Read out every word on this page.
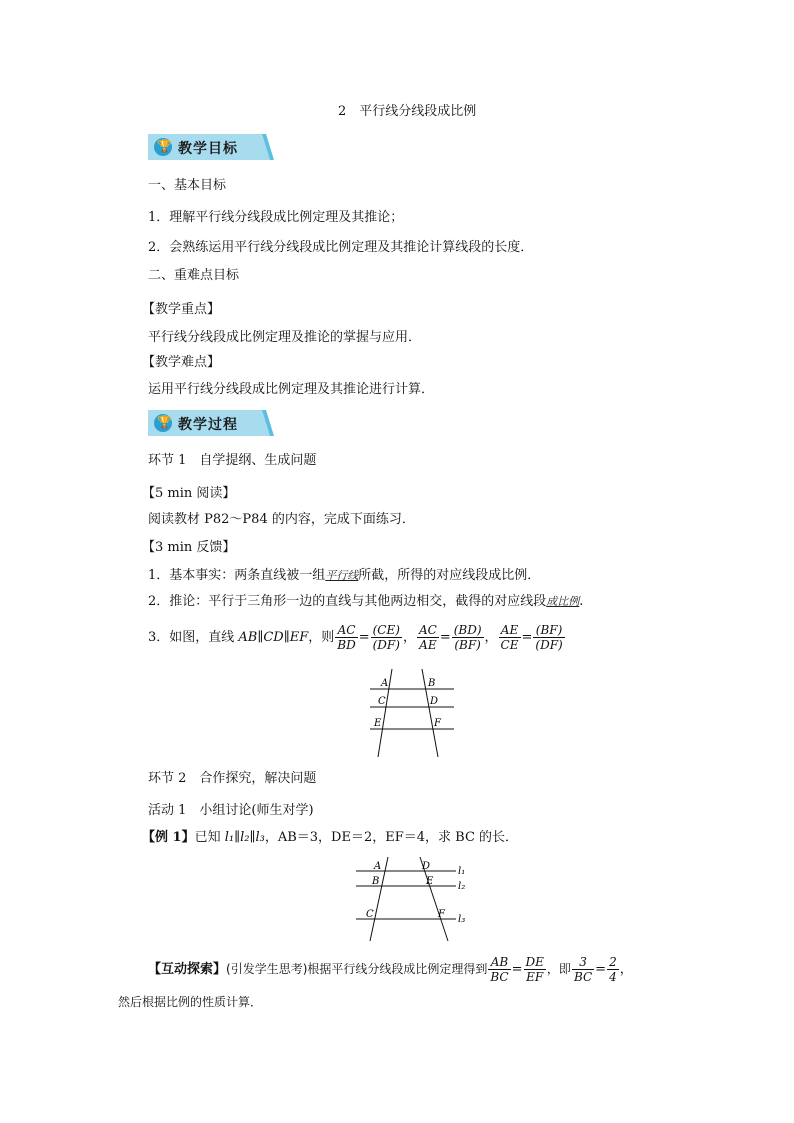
2　平行线分线段成比例
🏆 教学目标
一、基本目标
1．理解平行线分线段成比例定理及其推论；
2．会熟练运用平行线分线段成比例定理及其推论计算线段的长度．
二、重难点目标
【教学重点】
平行线分线段成比例定理及推论的掌握与应用．
【教学难点】
运用平行线分线段成比例定理及其推论进行计算．
🏆 教学过程
环节 1　自学提纲、生成问题
【5 min 阅读】
阅读教材 P82～P84 的内容，完成下面练习．
【3 min 反馈】
1．基本事实：两条直线被一组平行线所截，所得的对应线段成比例．
2．推论：平行于三角形一边的直线与其他两边相交，截得的对应线段成比例.
3．如图，直线 AB∥CD∥EF，则 $\frac{AC}{BD} = \frac{(CE)}{(DF)}$ ， $\frac{AC}{AE} = \frac{(BD)}{(BF)}$ ， $\frac{AE}{CE} = \frac{(BF)}{(DF)}$
A	B
C	D
E	F
环节 2　合作探究，解决问题
活动 1　小组讨论(师生对学)
【例 1】已知 l₁∥l₂∥l₃，AB＝3，DE＝2，EF＝4，求 BC 的长．
A	D
B	E
C	F
l₁
l₂
l₃
【互动探索】(引发学生思考)根据平行线分线段成比例定理得到 $\frac{AB}{BC} = \frac{DE}{EF}$ ，即 $\frac{3}{BC} = \frac{2}{4}$ ，
然后根据比例的性质计算．
